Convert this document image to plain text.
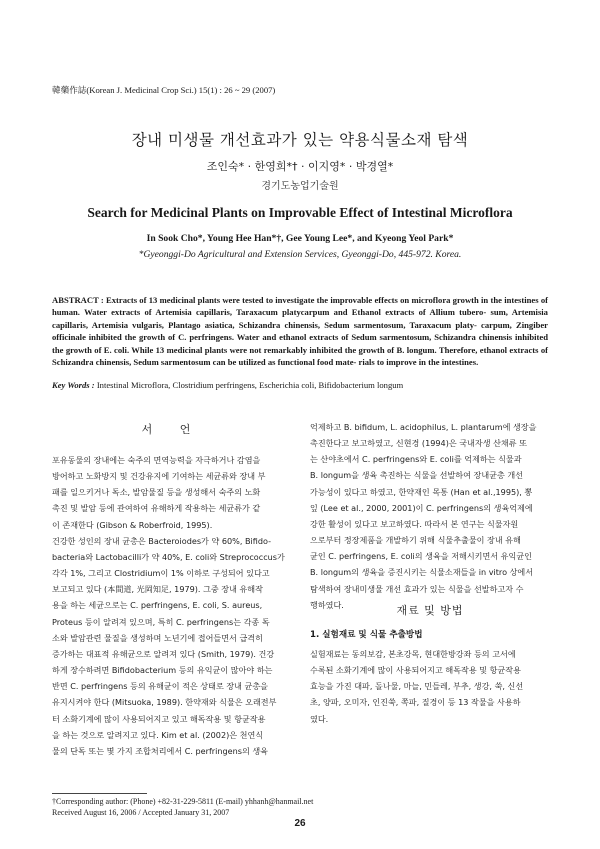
韓藥作誌(Korean J. Medicinal Crop Sci.) 15(1) : 26 ~ 29 (2007)
장내 미생물 개선효과가 있는 약용식물소재 탐색
조인숙* · 한영희*† · 이지영* · 박경열*
경기도농업기술원
Search for Medicinal Plants on Improvable Effect of Intestinal Microflora
In Sook Cho*, Young Hee Han*†, Gee Young Lee*, and Kyeong Yeol Park*
*Gyeonggi-Do Agricultural and Extension Services, Gyeonggi-Do, 445-972. Korea.
ABSTRACT : Extracts of 13 medicinal plants were tested to investigate the improvable effects on microflora growth in the intestines of human. Water extracts of Artemisia capillaris, Taraxacum platycarpum and Ethanol extracts of Allium tubero- sum, Artemisia capillaris, Artemisia vulgaris, Plantago asiatica, Schizandra chinensis, Sedum sarmentosum, Taraxacum platy- carpum, Zingiber officinale inhibited the growth of C. perfringens. Water and ethanol extracts of Sedum sarmentosum, Schizandra chinensis inhibited the growth of E. coli. While 13 medicinal plants were not remarkably inhibited the growth of B. longum. Therefore, ethanol extracts of Schizandra chinensis, Sedum sarmentosum can be utilized as functional food mate- rials to improve in the intestines.
Key Words : Intestinal Microflora, Clostridium perfringens, Escherichia coli, Bifidobacterium longum
서 언
포유동물의 장내에는 숙주의 면역능력을 자극하거나 감염을
방어하고 노화방지 및 건강유지에 기여하는 세균류와 장내 부
패를 일으키거나 독소, 발암물질 등을 생성해서 숙주의 노화
촉진 및 발암 등에 관여하여 유해하게 작용하는 세균류가 같
이 존재한다 (Gibson & Roberfroid, 1995).
건강한 성인의 장내 균총은 Bacteroiodes가 약 60%, Bifido-
bacteria와 Lactobacilli가 약 40%, E. coli와 Streprococcus가
각각 1%, 그리고 Clostridium이 1% 이하로 구성되어 있다고
보고되고 있다 (本間道, 光岡知足, 1979). 그중 장내 유해작
용을 하는 세균으로는 C. perfringens, E. coli, S. aureus,
Proteus 등이 알려져 있으며, 특히 C. perfringens는 각종 독
소와 발암관련 물질을 생성하며 노년기에 접어들면서 급격히
증가하는 대표적 유해균으로 알려져 있다 (Smith, 1979). 건강
하게 장수하려면 Bifidobacterium 등의 유익균이 많아야 하는
반면 C. perfringens 등의 유해균이 적은 상태로 장내 균총을
유지시켜야 한다 (Mitsuoka, 1989). 한약재와 식물은 오래전부
터 소화기계에 많이 사용되어지고 있고 해독작용 및 항균작용
을 하는 것으로 알려지고 있다. Kim et al. (2002)은 천연식
물의 단독 또는 몇 가지 조합처리에서 C. perfringens의 생육
억제하고 B. bifidum, L. acidophilus, L. plantarum에 생장을
촉진한다고 보고하였고, 신현경 (1994)은 국내자생 산채류 또
는 산야초에서 C. perfringens와 E. coli를 억제하는 식물과
B. longum을 생육 촉진하는 식물을 선발하여 장내균총 개선
가능성이 있다고 하였고, 한약재인 목통 (Han et al.,1995), 뽕
잎 (Lee et al., 2000, 2001)이 C. perfringens의 생육억제에
강한 활성이 있다고 보고하였다. 따라서 본 연구는 식물자원
으로부터 정장제품을 개발하기 위해 식물추출물이 장내 유해
균인 C. perfringens, E. coli의 생육을 저해시키면서 유익균인
B. longum의 생육을 증진시키는 식물소재들을 in vitro 상에서
탐색하여 장내미생물 개선 효과가 있는 식물을 선발하고자 수
행하였다.	재료 및 방법
1. 실험재료 및 식물 추출방법
실험재료는 동의보감, 본초강목, 현대한방강좌 등의 고서에
수록된 소화기계에 많이 사용되어지고 해독작용 및 항균작용
효능을 가진 대파, 돌나물, 마늘, 민들레, 부추, 생강, 쑥, 신선
초, 양파, 오미자, 인진쑥, 쪽파, 질경이 등 13 작물을 사용하
였다.
†Corresponding author: (Phone) +82-31-229-5811 (E-mail) yhhanh@hanmail.net
Received August 16, 2006 / Accepted January 31, 2007
26
